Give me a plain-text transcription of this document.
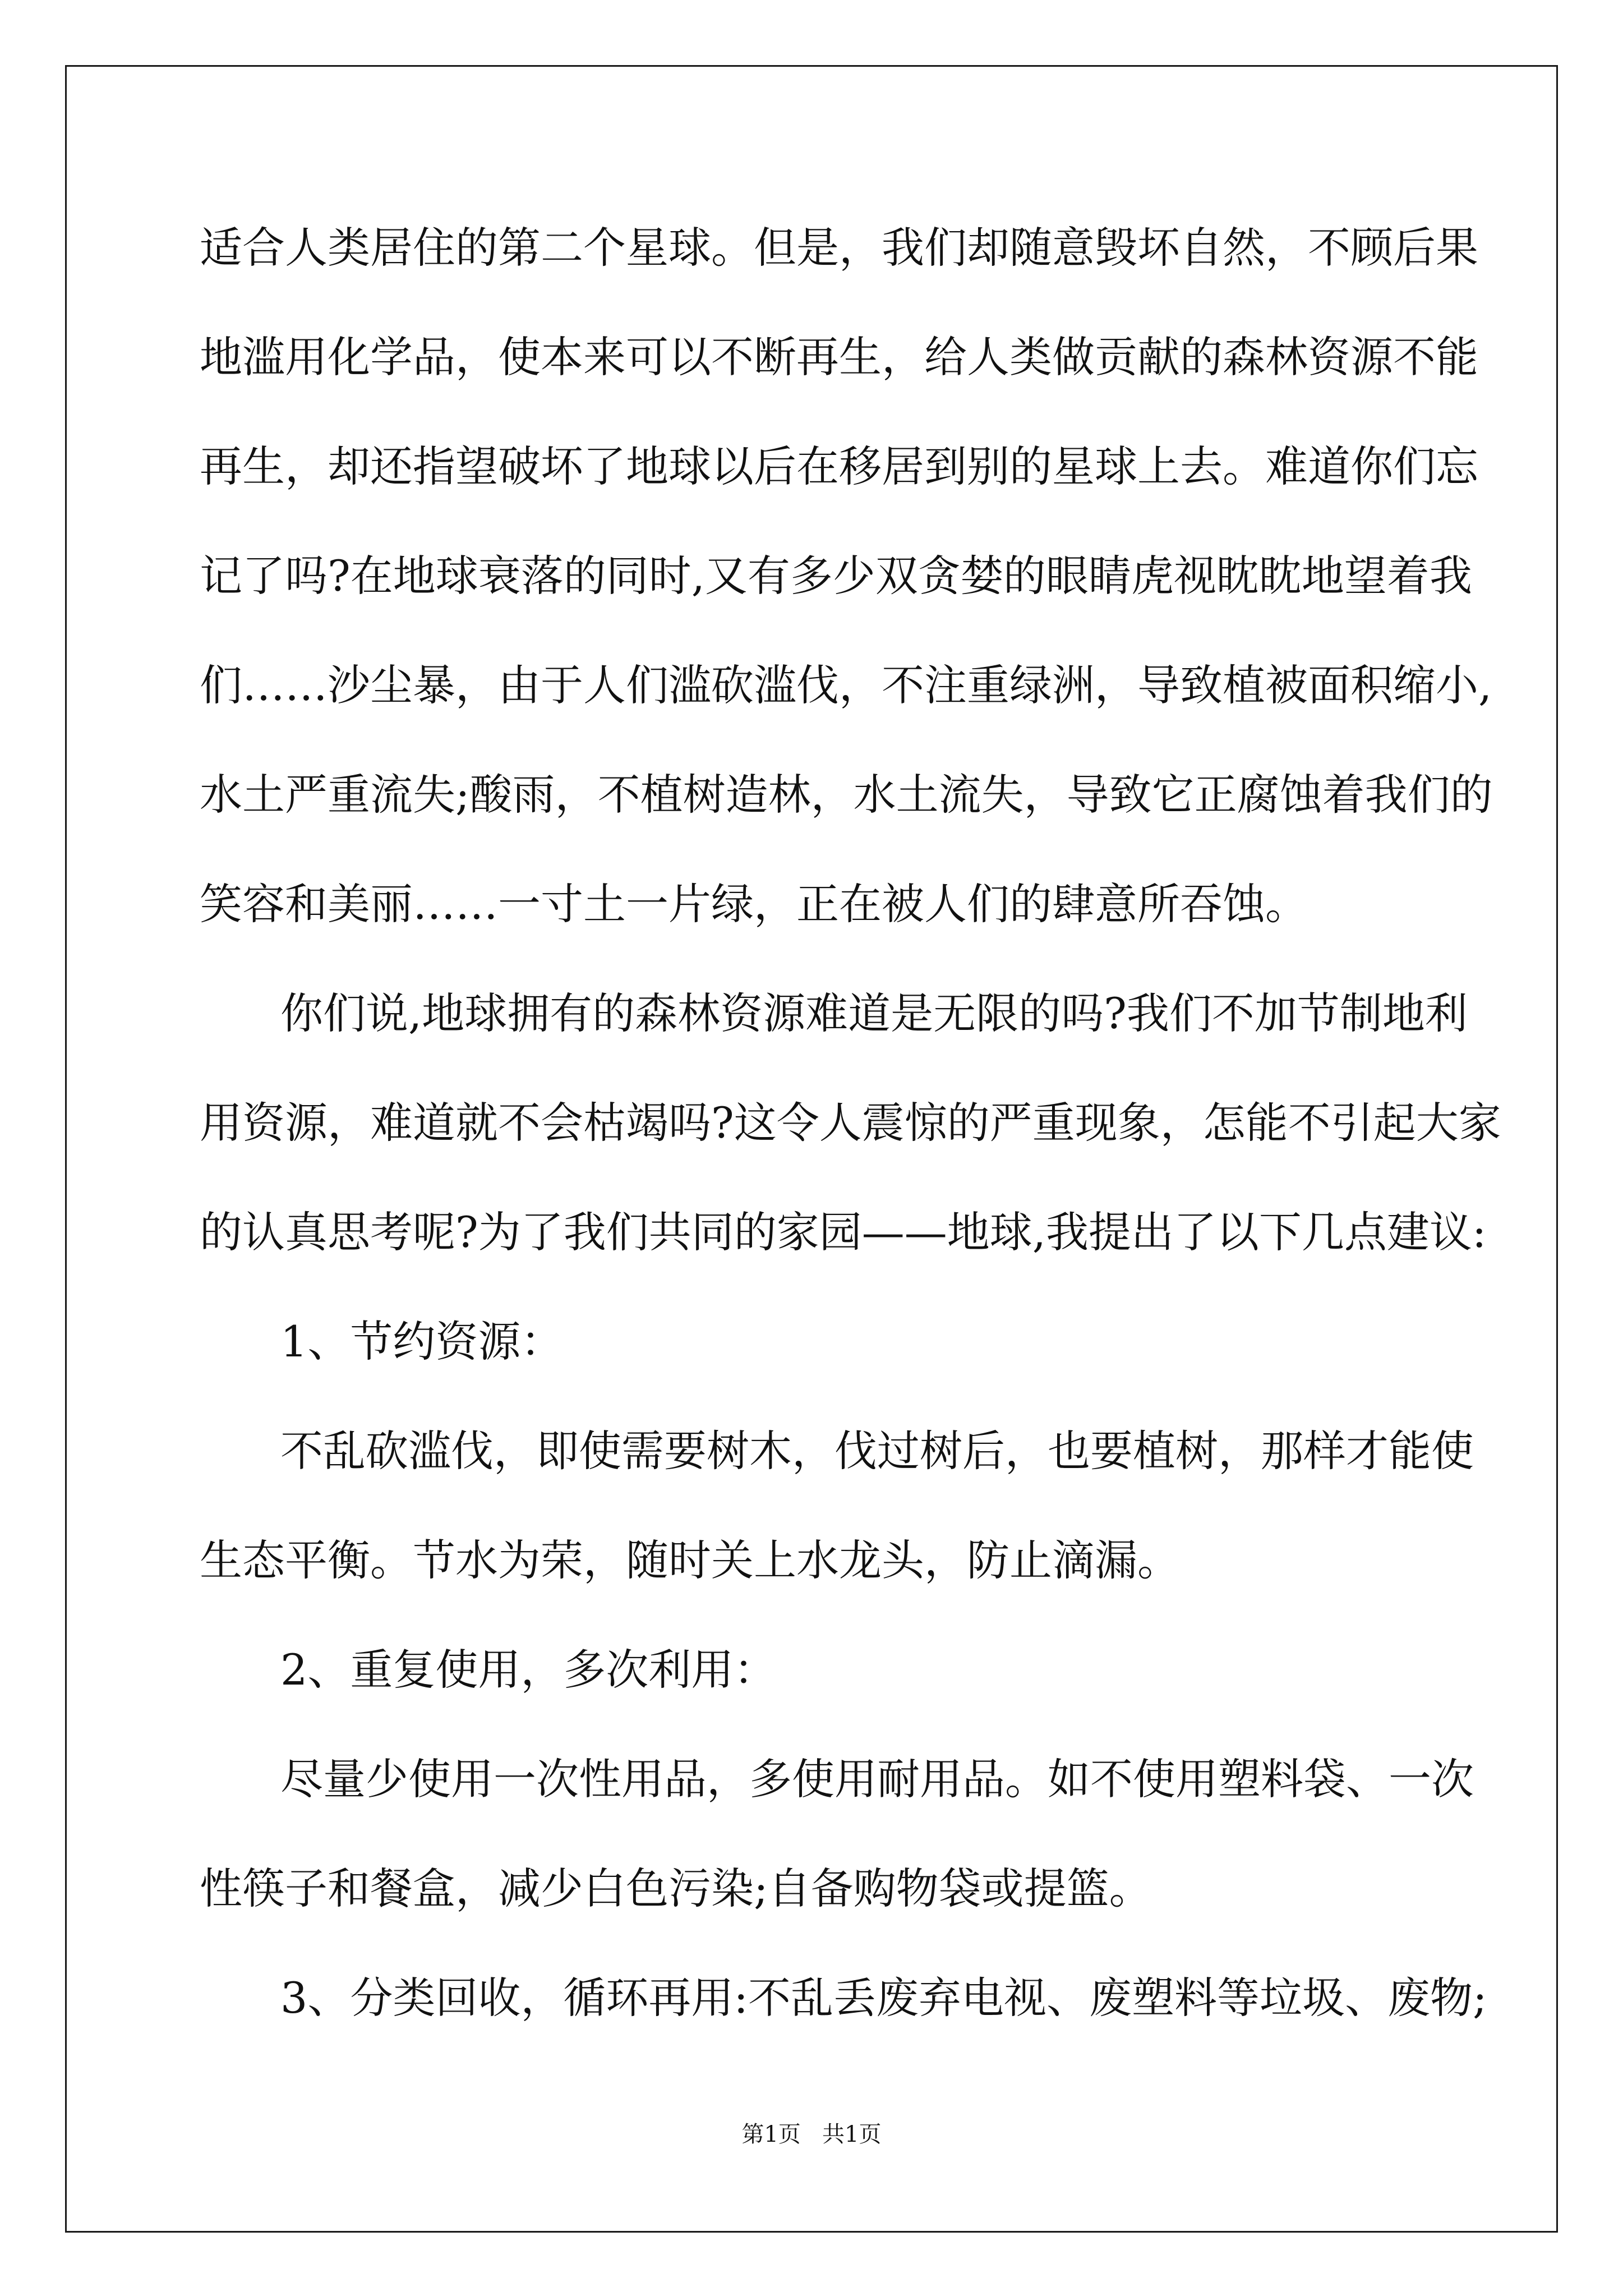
适合人类居住的第二个星球。但是，我们却随意毁坏自然，不顾后果
地滥用化学品，使本来可以不断再生，给人类做贡献的森林资源不能
再生，却还指望破坏了地球以后在移居到别的星球上去。难道你们忘
记了吗?在地球衰落的同时,又有多少双贪婪的眼睛虎视眈眈地望着我
们……沙尘暴，由于人们滥砍滥伐，不注重绿洲，导致植被面积缩小,
水土严重流失;酸雨，不植树造林，水土流失，导致它正腐蚀着我们的
笑容和美丽……一寸土一片绿，正在被人们的肆意所吞蚀。
你们说,地球拥有的森林资源难道是无限的吗?我们不加节制地利
用资源，难道就不会枯竭吗?这令人震惊的严重现象，怎能不引起大家
的认真思考呢?为了我们共同的家园——地球,我提出了以下几点建议:
1、节约资源：
不乱砍滥伐，即使需要树木，伐过树后，也要植树，那样才能使
生态平衡。节水为荣，随时关上水龙头，防止滴漏。
2、重复使用，多次利用：
尽量少使用一次性用品，多使用耐用品。如不使用塑料袋、一次
性筷子和餐盒，减少白色污染;自备购物袋或提篮。
3、分类回收，循环再用:不乱丢废弃电视、废塑料等垃圾、废物;
第1页   共1页
